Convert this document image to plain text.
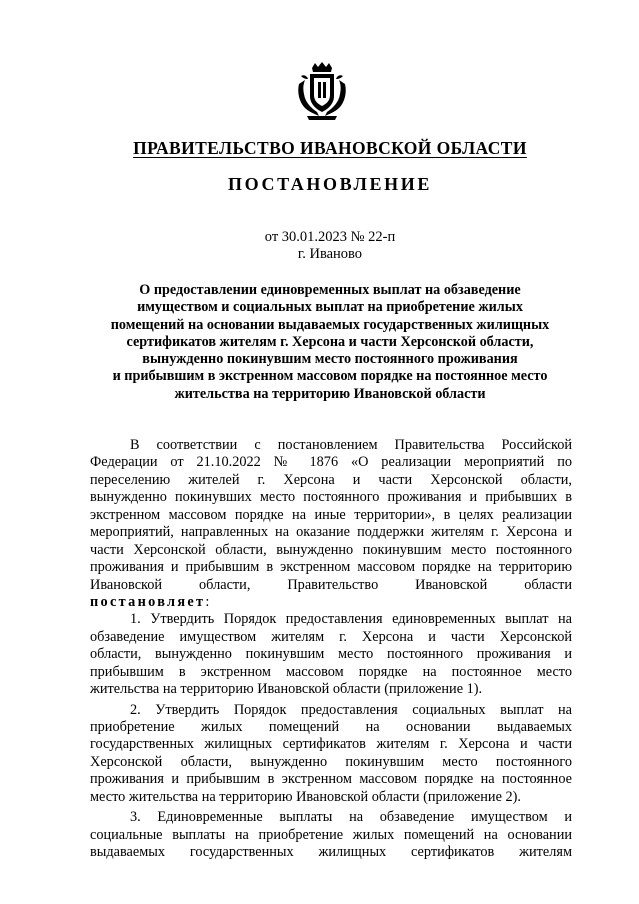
ПРАВИТЕЛЬСТВО ИВАНОВСКОЙ ОБЛАСТИ
ПОСТАНОВЛЕНИЕ
от 30.01.2023 № 22-п
г. Иваново
О предоставлении единовременных выплат на обзаведение
имуществом и социальных выплат на приобретение жилых
помещений на основании выдаваемых государственных жилищных
сертификатов жителям г. Херсона и части Херсонской области,
вынужденно покинувшим место постоянного проживания
и прибывшим в экстренном массовом порядке на постоянное место
жительства на территорию Ивановской области
В соответствии с постановлением Правительства Российской
Федерации от 21.10.2022 № 1876 «О реализации мероприятий по
переселению жителей г. Херсона и части Херсонской области,
вынужденно покинувших место постоянного проживания и прибывших в
экстренном массовом порядке на иные территории», в целях реализации
мероприятий, направленных на оказание поддержки жителям г. Херсона и
части Херсонской области, вынужденно покинувшим место постоянного
проживания и прибывшим в экстренном массовом порядке на территорию
Ивановской области, Правительство Ивановской области
постановляет:
1. Утвердить Порядок предоставления единовременных выплат на
обзаведение имуществом жителям г. Херсона и части Херсонской
области, вынужденно покинувшим место постоянного проживания и
прибывшим в экстренном массовом порядке на постоянное место
жительства на территорию Ивановской области (приложение 1).
2. Утвердить Порядок предоставления социальных выплат на
приобретение жилых помещений на основании выдаваемых
государственных жилищных сертификатов жителям г. Херсона и части
Херсонской области, вынужденно покинувшим место постоянного
проживания и прибывшим в экстренном массовом порядке на постоянное
место жительства на территорию Ивановской области (приложение 2).
3. Единовременные выплаты на обзаведение имуществом и
социальные выплаты на приобретение жилых помещений на основании
выдаваемых государственных жилищных сертификатов жителям
